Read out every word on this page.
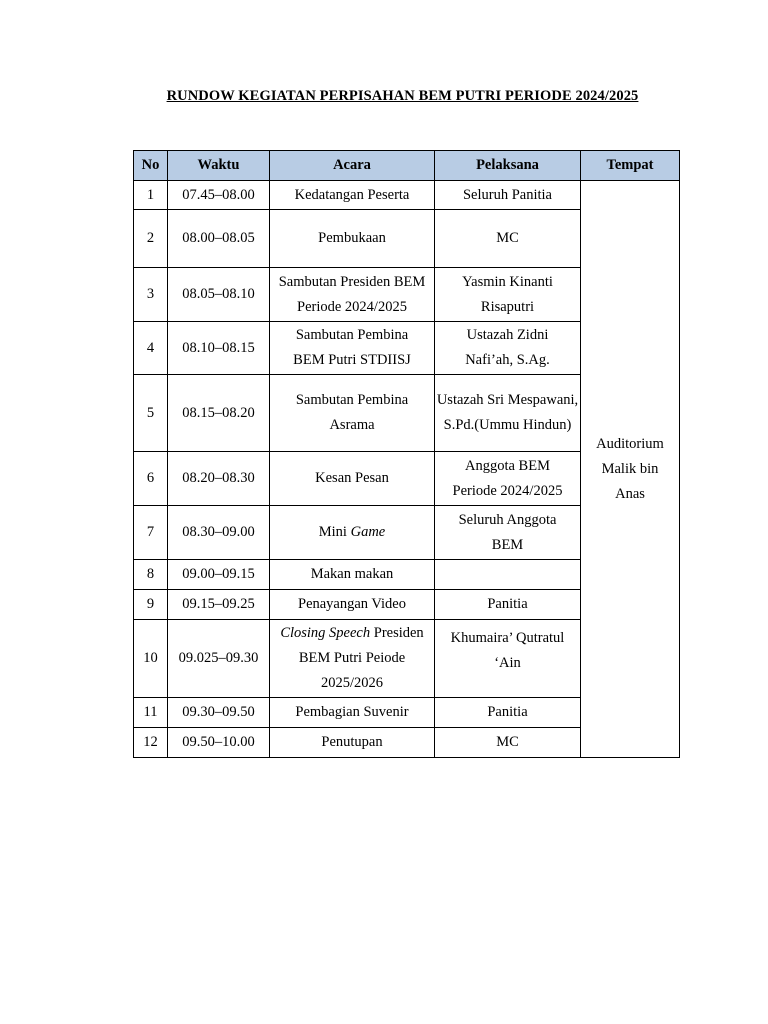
RUNDOW KEGIATAN PERPISAHAN BEM PUTRI PERIODE 2024/2025
No	Waktu	Acara	Pelaksana	Tempat
1	07.45–08.00	Kedatangan Peserta	Seluruh Panitia	Auditorium Malik bin Anas
2	08.00–08.05	Pembukaan	MC	
3	08.05–08.10	Sambutan Presiden BEM Periode 2024/2025	Yasmin Kinanti Risaputri	
4	08.10–08.15	Sambutan Pembina BEM Putri STDIISJ	Ustazah Zidni Nafi’ah, S.Ag.	
5	08.15–08.20	Sambutan Pembina Asrama	Ustazah Sri Mespawani, S.Pd.(Ummu Hindun)	
6	08.20–08.30	Kesan Pesan	Anggota BEM Periode 2024/2025	
7	08.30–09.00	Mini Game	Seluruh Anggota BEM	
8	09.00–09.15	Makan makan		
9	09.15–09.25	Penayangan Video	Panitia	
10	09.025–09.30	Closing Speech Presiden BEM Putri Peiode 2025/2026	Khumaira’ Qutratul ‘Ain	
11	09.30–09.50	Pembagian Suvenir	Panitia	
12	09.50–10.00	Penutupan	MC	
